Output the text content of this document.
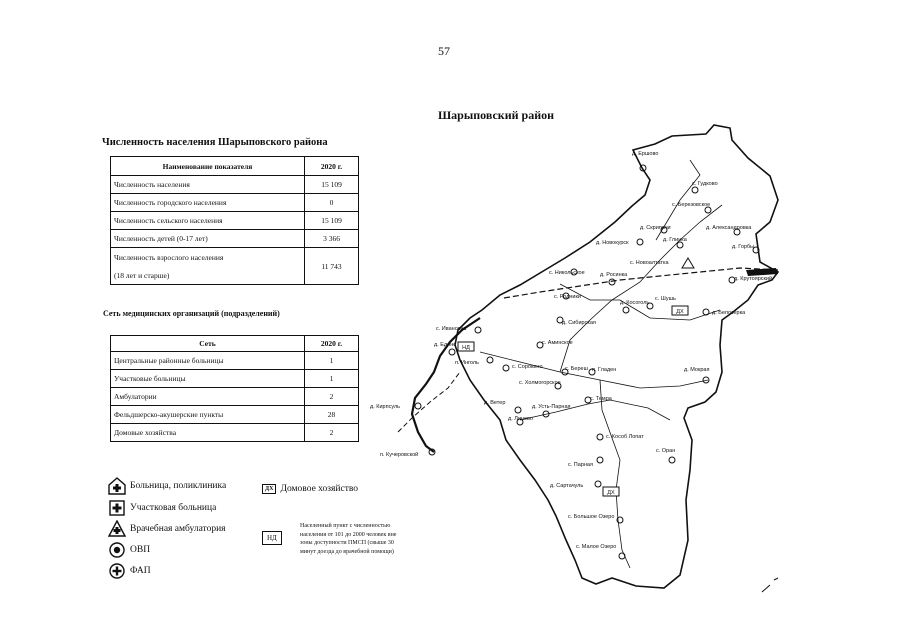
57
Шарыповский район
Численность населения Шарыповского района
Наименование показателя	2020 г.
Численность населения	15 109
Численность городского населения	0
Численность сельского населения	15 109
Численность детей (0-17 лет)	3 366

Численность взрослого населения
(18 лет и старше)	11 743
Сеть медицинских организаций (подразделений)
Сеть	2020 г.
Центральные районные больницы	1
Участковые больницы	1
Амбулатории	2
Фельдшерско-акушерские пункты	28
Домовые хозяйства	2
Больница, поликлиника
Участковая больница
Врачебная амбулатория
ОВП
ФАП
ДХ Домовое хозяйство
НД
Населенный пункт с численностью
населения от 101 до 2000 человек вне
зоны доступности ПМСП (свыше 30
минут доезда до врачебной помощи)
ДХ
ДХ
НД
д. Ершово
с. Гудково
с. Березовское
д. Скрипачи	д. Александровка
д. Новокурск	д. Глинка
д. Горбы
с. Новоалтатка
с. Никольское	д. Росинка
д. Крутоярский
с. Родники	с. Шушь
д. Косоголь
д. Белозерка
с. Ивановка
д. Сибирская
с. Аминское
д. Единс
п. Инголь
с. Сорокино	с. Береш п. Гладен	д. Мокрая
с. Холмогорское
д. Кирпсуль
д. Ветер
д. Усть-Парная
с. Темра
д. Линево
с. Кособ Лопат
с. Оран
п. Кучеровской
с. Парная
д. Сартачуль
с. Большое Озеро
с. Малое Озеро
